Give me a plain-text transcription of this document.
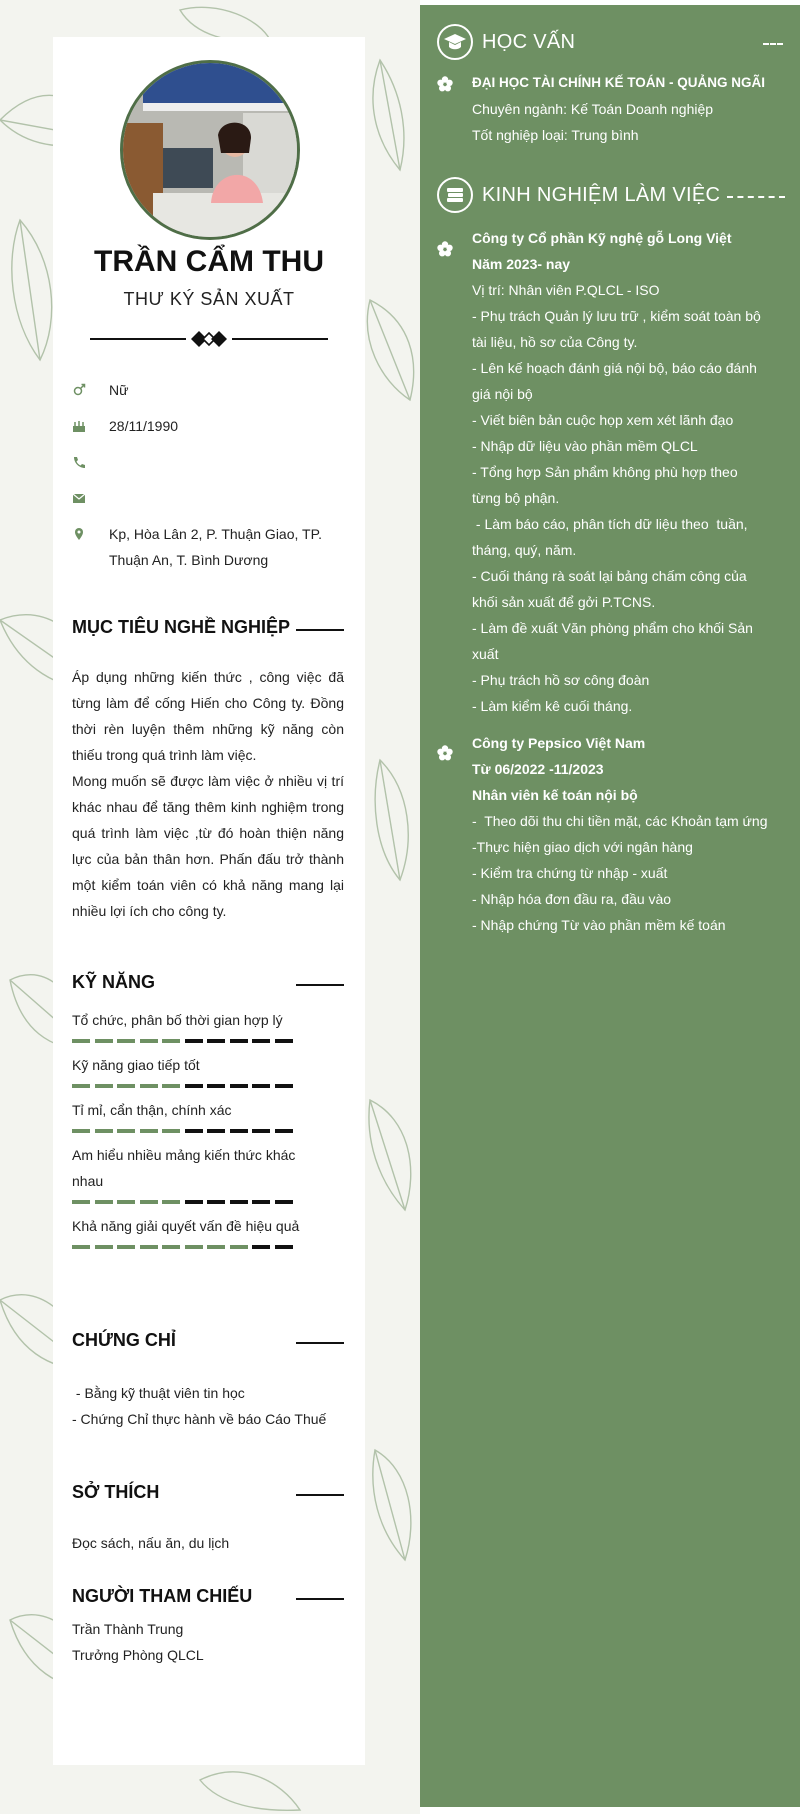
TRẦN CẨM THU
THƯ KÝ SẢN XUẤT
Nữ
28/11/1990
Kp, Hòa Lân 2, P. Thuận Giao, TP. Thuận An, T. Bình Dương
MỤC TIÊU NGHỀ NGHIỆP
Áp dụng những kiến thức , công việc đã từng làm để cống Hiến cho Công ty. Đồng thời rèn luyện thêm những kỹ năng còn thiếu trong quá trình làm việc.
Mong muốn sẽ được làm việc ở nhiều vị trí khác nhau để tăng thêm kinh nghiệm trong quá trình làm việc ,từ đó hoàn thiện năng lực của bản thân hơn. Phấn đấu trở thành một kiểm toán viên có khả năng mang lại nhiều lợi ích cho công ty.
KỸ NĂNG
Tổ chức, phân bố thời gian hợp lý
Kỹ năng giao tiếp tốt
Tỉ mỉ, cẩn thận, chính xác
Am hiểu nhiều mảng kiến thức khác nhau
Khả năng giải quyết vấn đề hiệu quả
CHỨNG CHỈ
- Bằng kỹ thuật viên tin học
- Chứng Chỉ thực hành về báo Cáo Thuế
SỞ THÍCH
Đọc sách, nấu ăn, du lịch
NGƯỜI THAM CHIẾU
Trần Thành Trung
Trưởng Phòng QLCL
HỌC VẤN
ĐẠI HỌC TÀI CHÍNH KẾ TOÁN - QUẢNG NGÃI
Chuyên ngành: Kế Toán Doanh nghiệp
Tốt nghiệp loại: Trung bình
KINH NGHIỆM LÀM VIỆC
Công ty Cổ phần Kỹ nghệ gỗ Long Việt
Năm 2023- nay
Vị trí: Nhân viên P.QLCL - ISO
- Phụ trách Quản lý lưu trữ , kiểm soát toàn bộ tài liệu, hồ sơ của Công ty.
- Lên kế hoạch đánh giá nội bộ, báo cáo đánh giá nội bộ
- Viết biên bản cuộc họp xem xét lãnh đạo
- Nhập dữ liệu vào phần mềm QLCL
- Tổng hợp Sản phẩm không phù hợp theo từng bộ phận.
- Làm báo cáo, phân tích dữ liệu theo  tuần, tháng, quý, năm.
- Cuối tháng rà soát lại bảng chấm công của khối sản xuất để gởi P.TCNS.
- Làm đề xuất Văn phòng phẩm cho khối Sản xuất
- Phụ trách hồ sơ công đoàn
- Làm kiểm kê cuối tháng.
Công ty Pepsico Việt Nam
Từ 06/2022 -11/2023
Nhân viên kế toán nội bộ
-  Theo dõi thu chi tiền mặt, các Khoản tạm ứng
-Thực hiện giao dịch với ngân hàng
- Kiểm tra chứng từ nhập - xuất
- Nhập hóa đơn đầu ra, đầu vào
- Nhập chứng Từ vào phần mềm kế toán
